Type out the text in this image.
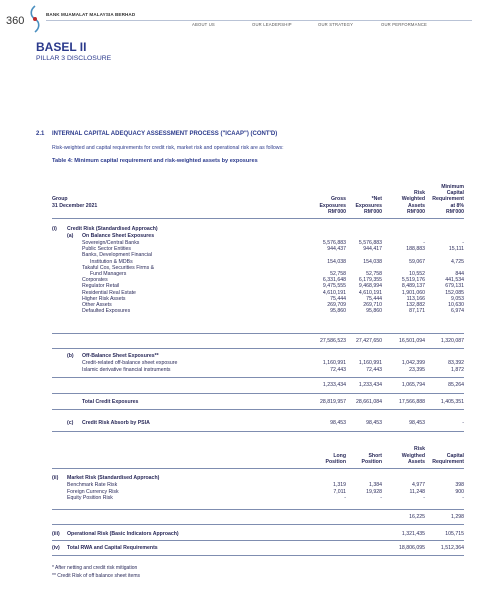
360
BANK MUAMALAT MALAYSIA BERHAD
ABOUT US	OUR LEADERSHIP	OUR STRATEGY	OUR PERFORMANCE
BASEL II
PILLAR 3 DISCLOSURE
2.1 INTERNAL CAPITAL ADEQUACY ASSESSMENT PROCESS ("ICAAP") (CONT'D)
Risk-weighted and capital requirements for credit risk, market risk and operational risk are as follows:
Table 4: Minimum capital requirement and risk-weighted assets by exposures
Gross
Exposures
RM'000
*Net
Exposures
RM'000
Risk
Weighted
Assets
RM'000
Minimum
Capital
Requirement
at 8%
RM'000
Group
31 December 2021
(i) Credit Risk (Standardised Approach)
(a) On Balance Sheet Exposures
Sovereign/Central Banks	5,576,883 5,576,883	-	-
Public Sector Entities	944,437	944,417	188,883	15,111
Banks, Development Financial
Institution & MDBs	154,038	154,038	59,067	4,725
Takaful Cos, Securities Firms &
Fund Managers	52,758	52,758	10,552	844
Corporates	6,331,648 6,179,355	5,519,176	441,534
Regulator Retail	9,475,555 9,468,994	8,489,137	679,131
Residential Real Estate	4,610,191 4,610,191	1,901,060	152,085
Higher Risk Assets	75,444	75,444	113,166	9,053
Other Assets	269,709	269,710	132,882	10,630
Defaulted Exposures	95,860	95,860	87,171	6,974
27,586,523 27,427,650	16,501,094	1,320,087
(b) Off-Balance Sheet Exposures**
Credit-related off-balance sheet exposure	1,160,991 1,160,991	1,042,399	83,392
Islamic derivative financial instruments	72,443	72,443	23,395	1,872
1,233,434 1,233,434	1,065,794	85,264
Total Credit Exposures	28,819,957 28,661,084	17,566,888	1,405,351
(c) Credit Risk Absorb by PSIA	98,453	98,453	98,453	-
Long
Position
Short
Position
Risk
Weigthed
Assets
Capital
Requirement
(ii) Market Risk (Standardised Approach)
Benchmark Rate Risk	1,319	1,384	4,977	398
Foreign Currency Risk	7,011	19,928	11,248	900
Equity Position Risk	-	-	-	-
16,225	1,298
(iii) Operational Risk (Basic Indicators Approach)	1,321,435	105,715
(iv) Total RWA and Capital Requirements	18,806,095	1,512,364
* After netting and credit risk mitigation
** Credit Risk of off balance sheet items
